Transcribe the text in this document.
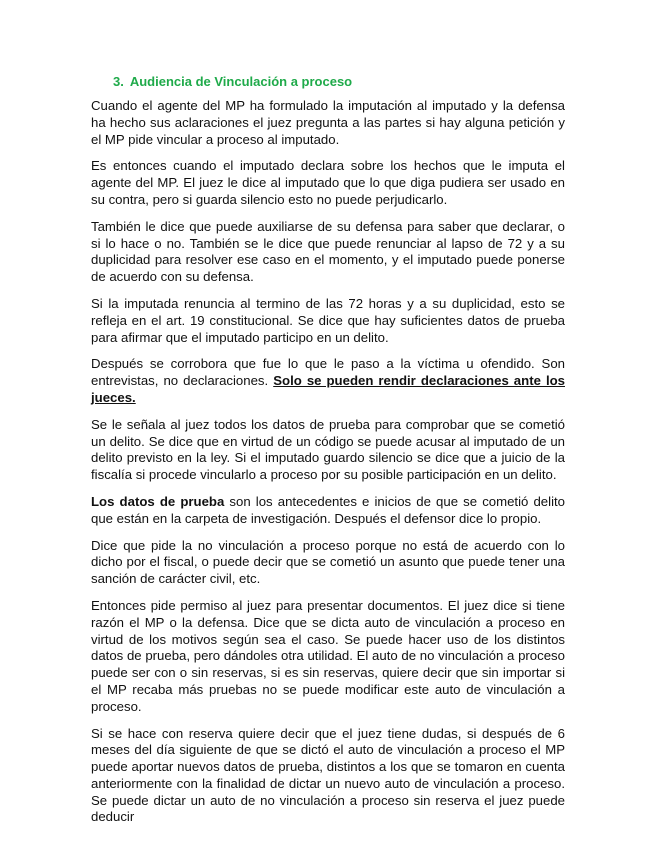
3. Audiencia de Vinculación a proceso

Cuando el agente del MP ha formulado la imputación al imputado y la defensa ha hecho sus aclaraciones el juez pregunta a las partes si hay alguna petición y el MP pide vincular a proceso al imputado.

Es entonces cuando el imputado declara sobre los hechos que le imputa el agente del MP. El juez le dice al imputado que lo que diga pudiera ser usado en su contra, pero si guarda silencio esto no puede perjudicarlo.

También le dice que puede auxiliarse de su defensa para saber que declarar, o si lo hace o no. También se le dice que puede renunciar al lapso de 72 y a su duplicidad para resolver ese caso en el momento, y el imputado puede ponerse de acuerdo con su defensa.

Si la imputada renuncia al termino de las 72 horas y a su duplicidad, esto se refleja en el art. 19 constitucional. Se dice que hay suficientes datos de prueba para afirmar que el imputado participo en un delito.

Después se corrobora que fue lo que le paso a la víctima u ofendido. Son entrevistas, no declaraciones. Solo se pueden rendir declaraciones ante los jueces.

Se le señala al juez todos los datos de prueba para comprobar que se cometió un delito. Se dice que en virtud de un código se puede acusar al imputado de un delito previsto en la ley. Si el imputado guardo silencio se dice que a juicio de la fiscalía si procede vincularlo a proceso por su posible participación en un delito.

Los datos de prueba son los antecedentes e inicios de que se cometió delito que están en la carpeta de investigación. Después el defensor dice lo propio.

Dice que pide la no vinculación a proceso porque no está de acuerdo con lo dicho por el fiscal, o puede decir que se cometió un asunto que puede tener una sanción de carácter civil, etc.

Entonces pide permiso al juez para presentar documentos. El juez dice si tiene razón el MP o la defensa. Dice que se dicta auto de vinculación a proceso en virtud de los motivos según sea el caso. Se puede hacer uso de los distintos datos de prueba, pero dándoles otra utilidad. El auto de no vinculación a proceso puede ser con o sin reservas, si es sin reservas, quiere decir que sin importar si el MP recaba más pruebas no se puede modificar este auto de vinculación a proceso.

Si se hace con reserva quiere decir que el juez tiene dudas, si después de 6 meses del día siguiente de que se dictó el auto de vinculación a proceso el MP puede aportar nuevos datos de prueba, distintos a los que se tomaron en cuenta anteriormente con la finalidad de dictar un nuevo auto de vinculación a proceso. Se puede dictar un auto de no vinculación a proceso sin reserva el juez puede deducir
